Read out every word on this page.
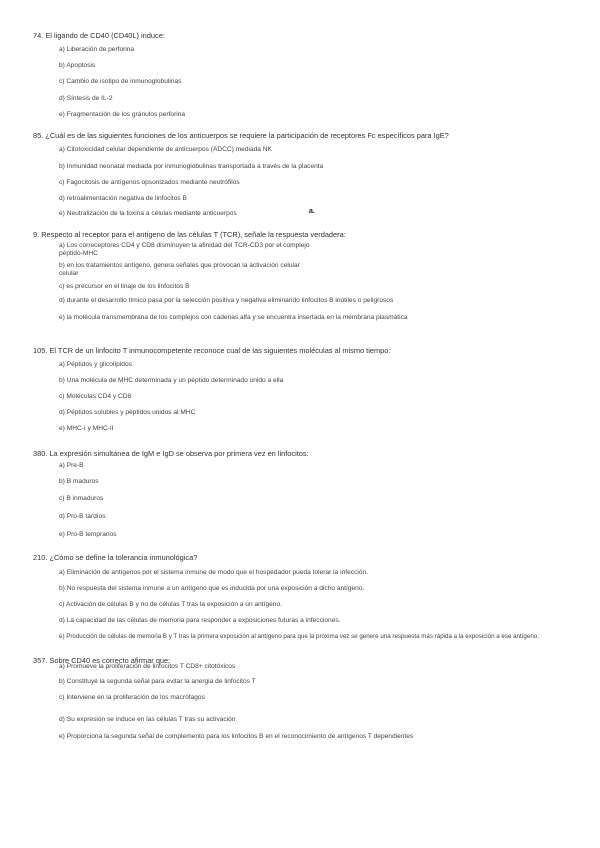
74. El ligando de CD40 (CD40L) induce:
a) Liberación de perforina
b) Apoptosis
c) Cambio de isotipo de inmunoglobulinas
d) Síntesis de IL-2
e) Fragmentación de los gránulos perforina
85. ¿Cuál es de las siguientes funciones de los anticuerpos se requiere la participación de receptores Fc específicos para IgE?
a) Citotoxicidad celular dependiente de anticuerpos (ADCC) mediada NK
b) Inmunidad neonatal mediada por inmunoglobulinas transportada a través de la placenta
c) Fagocitosis de antígenos opsonizados mediante neutrófilos
d) retroalimentación negativa de linfocitos B
e) Neutralización de la toxina a células mediante anticuerpos	a.
9. Respecto al receptor para el antígeno de las células T (TCR), señale la respuesta verdadera:
a) Los correceptores CD4 y CD8 disminuyen la afinidad del TCR-CD3 por el complejo
péptido-MHC
b) en los tratamientos antígeno, genera señales que provocan la activación celular
celular
c) es precursor en el linaje de los linfocitos B
d) durante el desarrollo tímico pasa por la selección positiva y negativa eliminando linfocitos B inútiles o peligrosos
e) la molécula transmembrana de los complejos con cadenas alfa y se encuentra insertada en la membrana plasmática
105. El TCR de un linfocito T inmunocompetente reconoce cual de las siguientes moléculas al mismo tiempo:
a) Péptidos y glicolípidos
b) Una molécula de MHC determinada y un péptido determinado unido a ella
c) Moléculas CD4 y CD8
d) Péptidos solubles y péptidos unidos al MHC
e) MHC-I y MHC-II
380. La expresión simultánea de IgM e IgD se observa por primera vez en linfocitos:
a) Pre-B
b) B maduros
c) B inmaduros
d) Pro-B tardíos
e) Pro-B tempranos
210. ¿Cómo se define la tolerancia inmunológica?
a) Eliminación de antígenos por el sistema inmune de modo que el hospedador pueda tolerar la infección.
b) No respuesta del sistema inmune a un antígeno que es inducida por una exposición a dicho antígeno.
c) Activación de células B y no de células T tras la exposición a un antígeno.
d) La capacidad de las células de memoria para responder a exposiciones futuras a infecciones.
e) Producción de células de memoria B y T tras la primera exposición al antígeno para que la próxima vez se genere una respuesta más rápida a la exposición a ese antígeno.
357. Sobre CD40 es correcto afirmar que:
a) Promueve la proliferación de linfocitos T CD8+ citotóxicos
b) Constituye la segunda señal para evitar la anergia de linfocitos T
c) Interviene en la proliferación de los macrófagos
d) Su expresión se induce en las células T tras su activación
e) Proporciona la segunda señal de complemento para los linfocitos B en el reconocimiento de antígenos T dependientes
